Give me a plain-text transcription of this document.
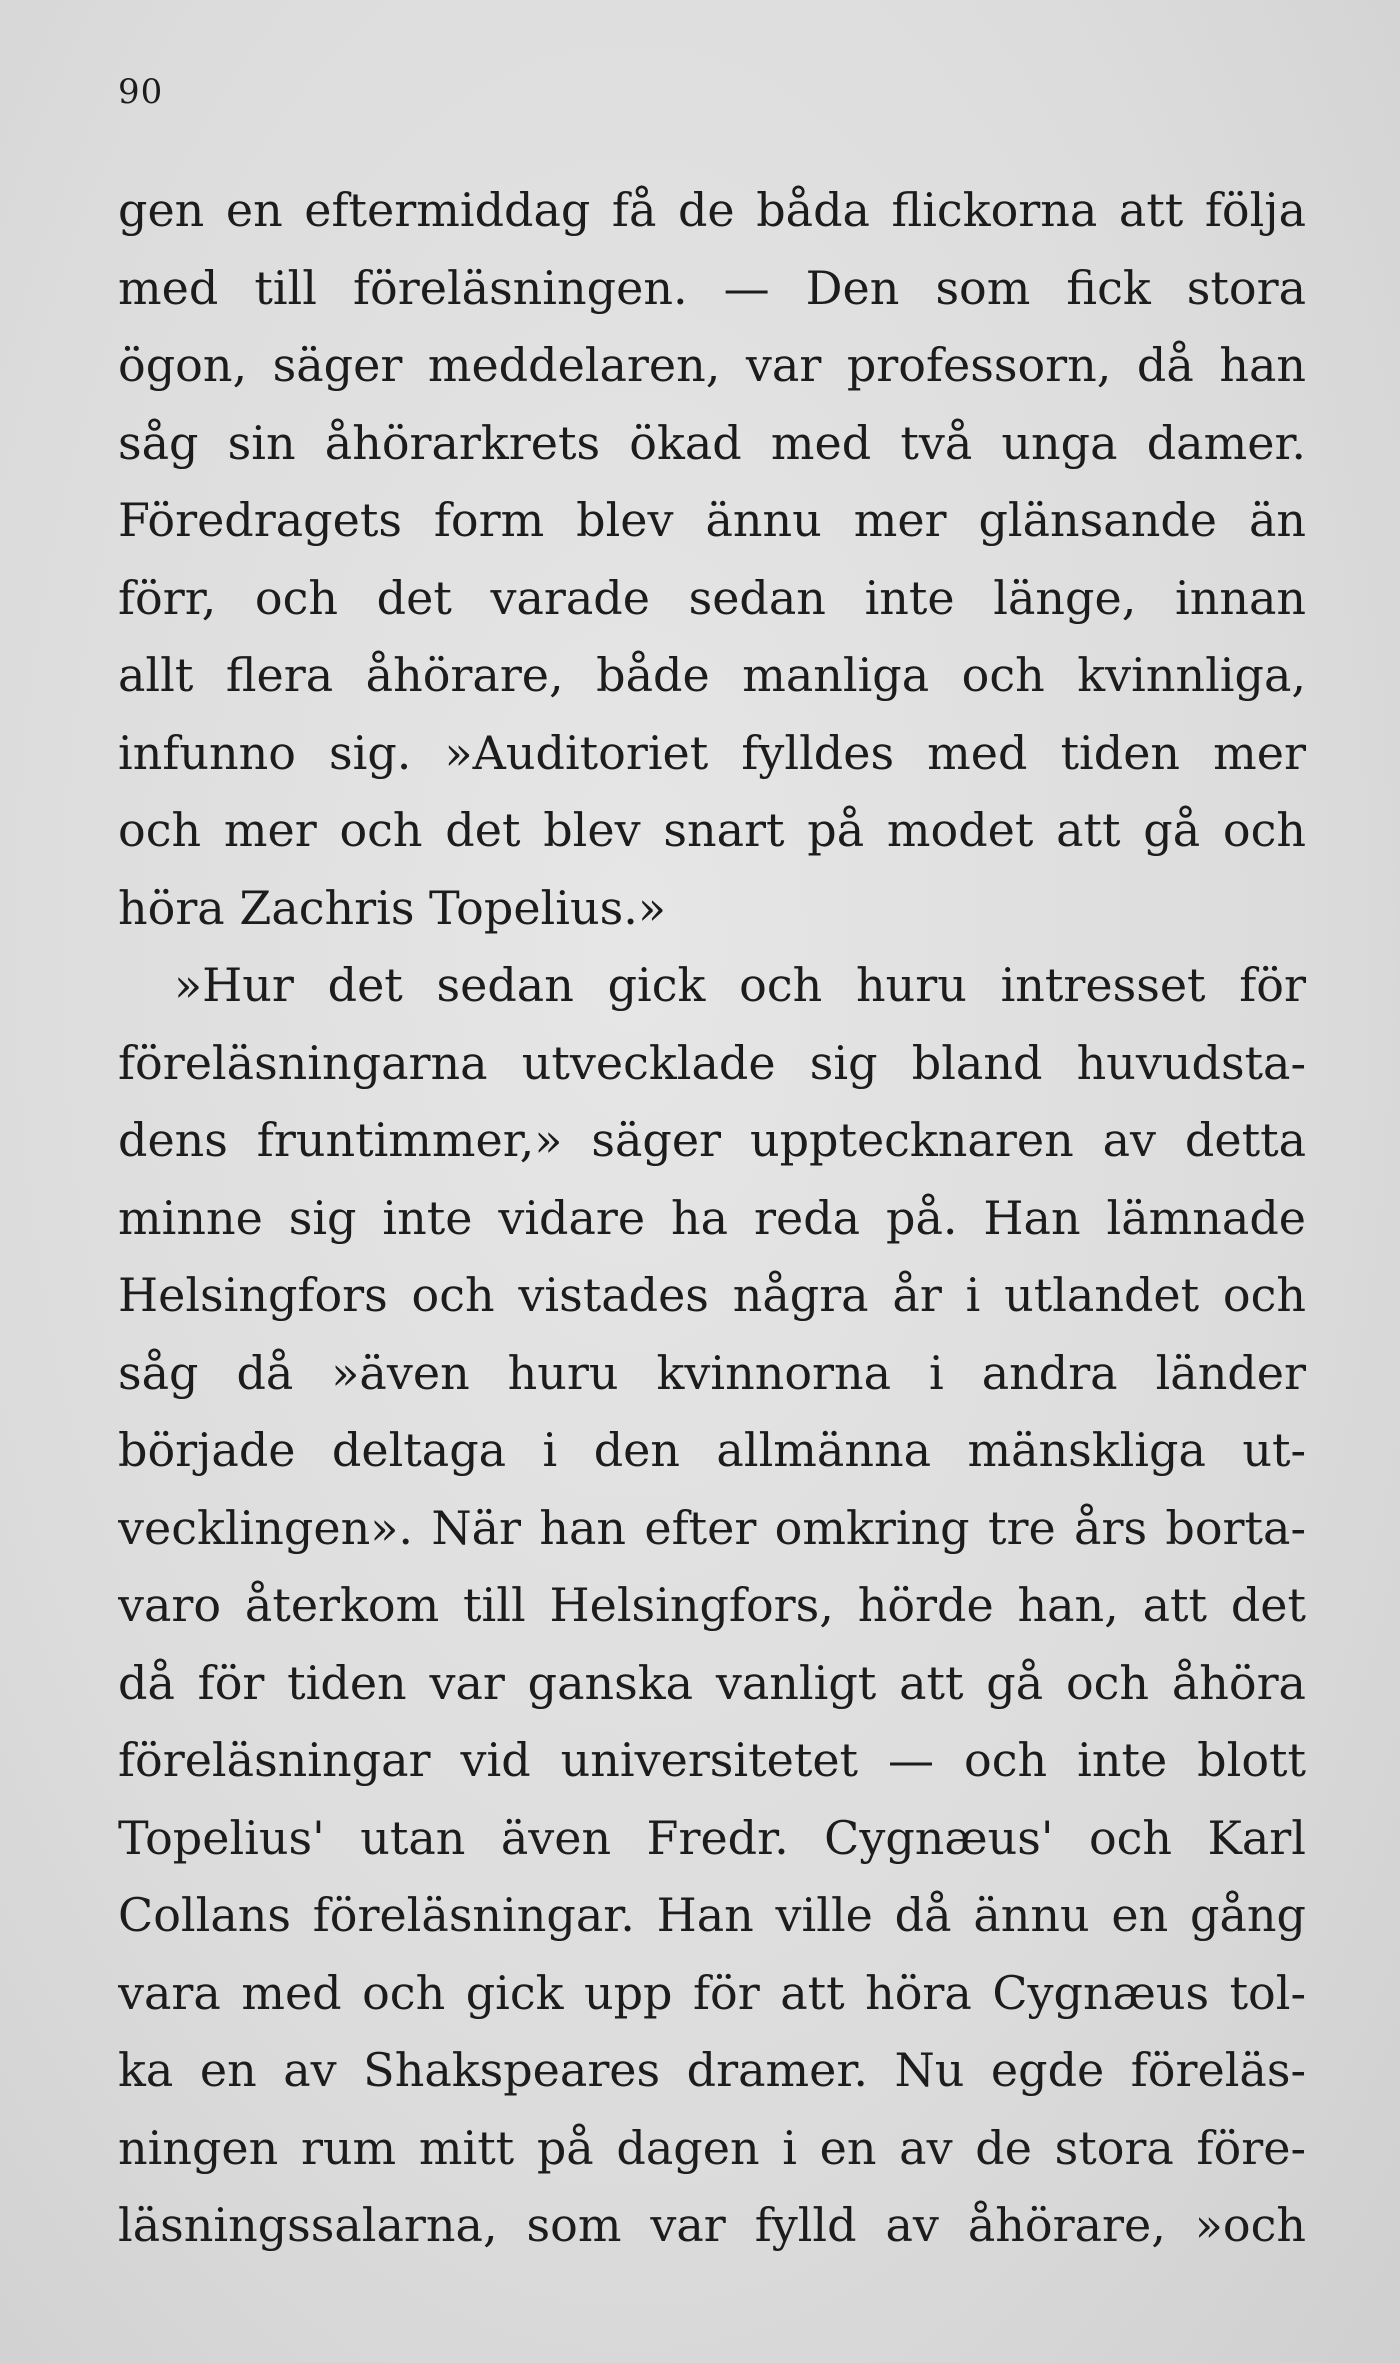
90
gen en eftermiddag få de båda flickorna att följa
med till föreläsningen. — Den som fick stora
ögon, säger meddelaren, var professorn, då han
såg sin åhörarkrets ökad med två unga damer.
Föredragets form blev ännu mer glänsande än
förr, och det varade sedan inte länge, innan
allt flera åhörare, både manliga och kvinnliga,
infunno sig. »Auditoriet fylldes med tiden mer
och mer och det blev snart på modet att gå och
höra Zachris Topelius.»
»Hur det sedan gick och huru intresset för
föreläsningarna utvecklade sig bland huvudsta-
dens fruntimmer,» säger upptecknaren av detta
minne sig inte vidare ha reda på. Han lämnade
Helsingfors och vistades några år i utlandet och
såg då »även huru kvinnorna i andra länder
började deltaga i den allmänna mänskliga ut-
vecklingen». När han efter omkring tre års borta-
varo återkom till Helsingfors, hörde han, att det
då för tiden var ganska vanligt att gå och åhöra
föreläsningar vid universitetet — och inte blott
Topelius' utan även Fredr. Cygnæus' och Karl
Collans föreläsningar. Han ville då ännu en gång
vara med och gick upp för att höra Cygnæus tol-
ka en av Shakspeares dramer. Nu egde föreläs-
ningen rum mitt på dagen i en av de stora före-
läsningssalarna, som var fylld av åhörare, »och
